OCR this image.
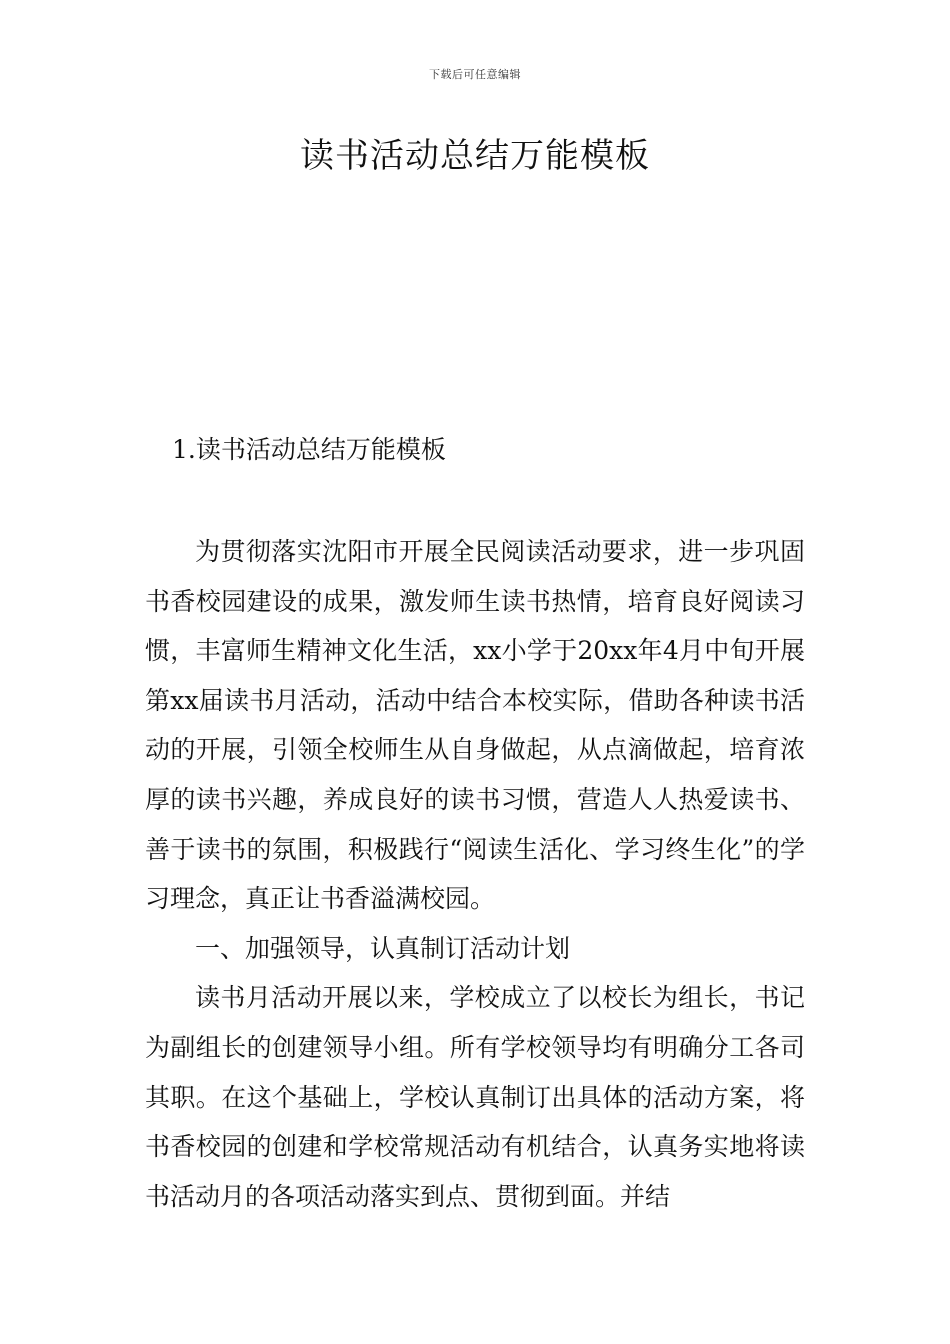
下载后可任意编辑
读书活动总结万能模板
1.读书活动总结万能模板

为贯彻落实沈阳市开展全民阅读活动要求，进一步巩固书香校园建设的成果，激发师生读书热情，培育良好阅读习惯，丰富师生精神文化生活，xx小学于20xx年4月中旬开展第xx届读书月活动，活动中结合本校实际，借助各种读书活动的开展，引领全校师生从自身做起，从点滴做起，培育浓厚的读书兴趣，养成良好的读书习惯，营造人人热爱读书、善于读书的氛围，积极践行“阅读生活化、学习终生化”的学习理念，真正让书香溢满校园。

一、加强领导，认真制订活动计划

读书月活动开展以来，学校成立了以校长为组长，书记为副组长的创建领导小组。所有学校领导均有明确分工各司其职。在这个基础上，学校认真制订出具体的活动方案，将书香校园的创建和学校常规活动有机结合，认真务实地将读书活动月的各项活动落实到点、贯彻到面。并结
